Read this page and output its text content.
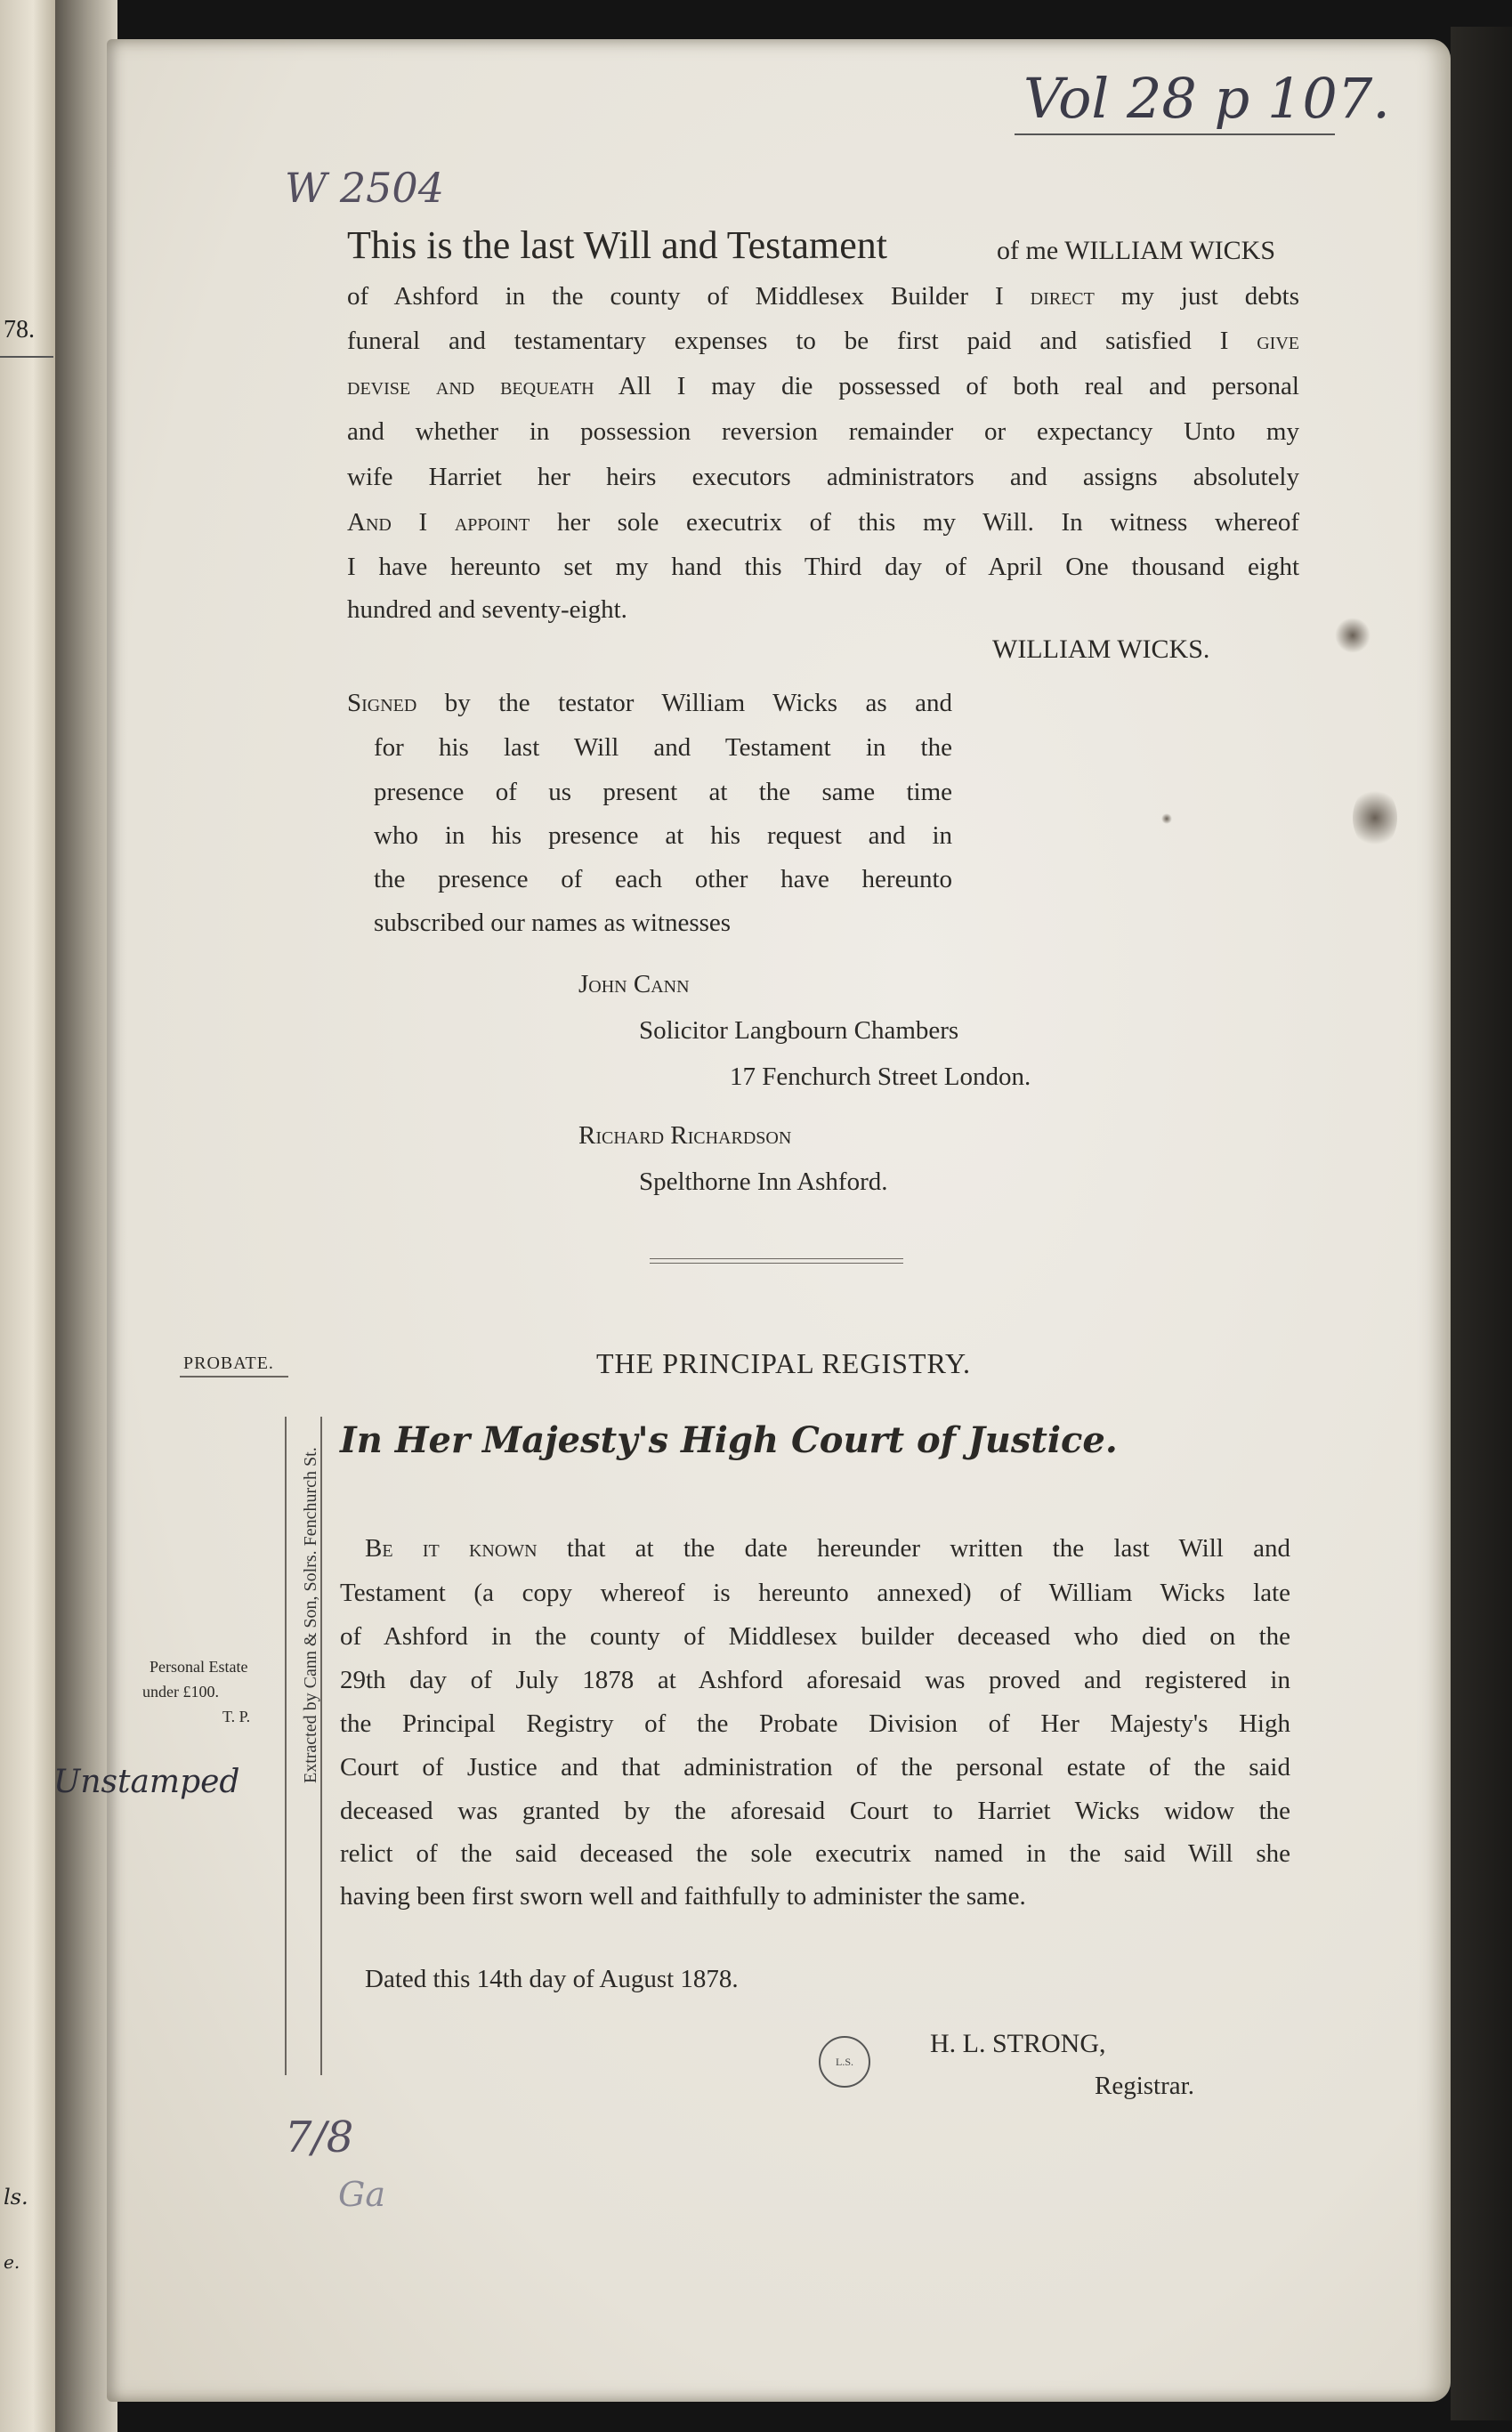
78.
ls.
e.
Vol 28 p 107.
W 2504
This is the last Will and Testament	of me WILLIAM WICKS
of Ashford in the county of Middlesex Builder I direct my just debts
funeral and testamentary expenses to be first paid and satisfied I give
devise and bequeath All I may die possessed of both real and personal
and whether in possession reversion remainder or expectancy Unto my
wife Harriet her heirs executors administrators and assigns absolutely
And I appoint her sole executrix of this my Will. In witness whereof
I have hereunto set my hand this Third day of April One thousand eight
hundred and seventy-eight.
WILLIAM WICKS.
Signed by the testator William Wicks as and
for his last Will and Testament in the
presence of us present at the same time
who in his presence at his request and in
the presence of each other have hereunto
subscribed our names as witnesses
John Cann
Solicitor Langbourn Chambers
17 Fenchurch Street London.
Richard Richardson
Spelthorne Inn Ashford.
PROBATE.	THE PRINCIPAL REGISTRY.
Extracted by Cann & Son, Solrs. Fenchurch St.
In Her Majesty's High Court of Justice.
Be it known that at the date hereunder written the last Will and
Testament (a copy whereof is hereunto annexed) of William Wicks late
of Ashford in the county of Middlesex builder deceased who died on the
29th day of July 1878 at Ashford aforesaid was proved and registered in
the Principal Registry of the Probate Division of Her Majesty's High
Court of Justice and that administration of the personal estate of the said
deceased was granted by the aforesaid Court to Harriet Wicks widow the
relict of the said deceased the sole executrix named in the said Will she
having been first sworn well and faithfully to administer the same.
Dated this 14th day of August 1878.
L.S.
H. L. STRONG,
Registrar.
Personal Estate
under £100.
T. P.
Unstamped
7/8
Ga
